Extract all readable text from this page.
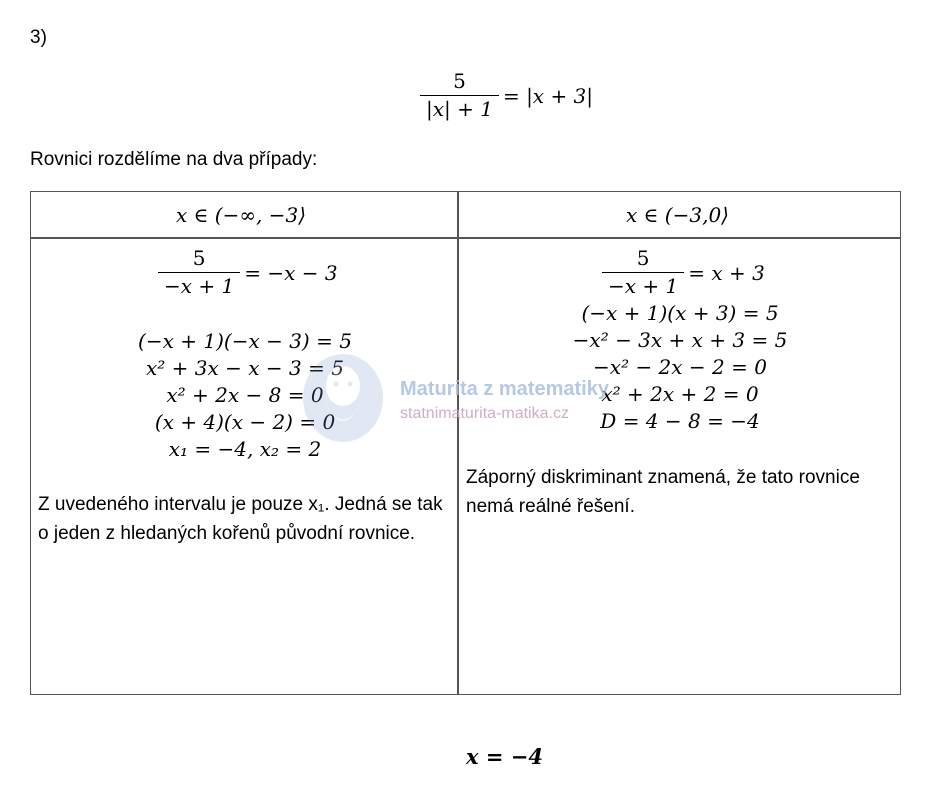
3)
$\frac{5}{|x| + 1} = |x + 3|$
Rovnici rozdělíme na dva případy:
x ∈ (−∞, −3⟩	x ∈ (−3,0⟩
$\frac{5}{-x + 1} = -x - 3$	$\frac{5}{-x + 1} = x + 3$
(−x + 1)(−x − 3) = 5
x² + 3x − x − 3 = 5
x² + 2x − 8 = 0
(x + 4)(x − 2) = 0
x₁ = −4, x₂ = 2
(−x + 1)(x + 3) = 5
−x² − 3x + x + 3 = 5
−x² − 2x − 2 = 0
x² + 2x + 2 = 0
D = 4 − 8 = −4
Maturita z matematiky
statnimaturita-matika.cz
Z uvedeného intervalu je pouze x₁. Jedná se tak o jeden z hledaných kořenů původní rovnice.
Záporný diskriminant znamená, že tato rovnice nemá reálné řešení.
x = −4
